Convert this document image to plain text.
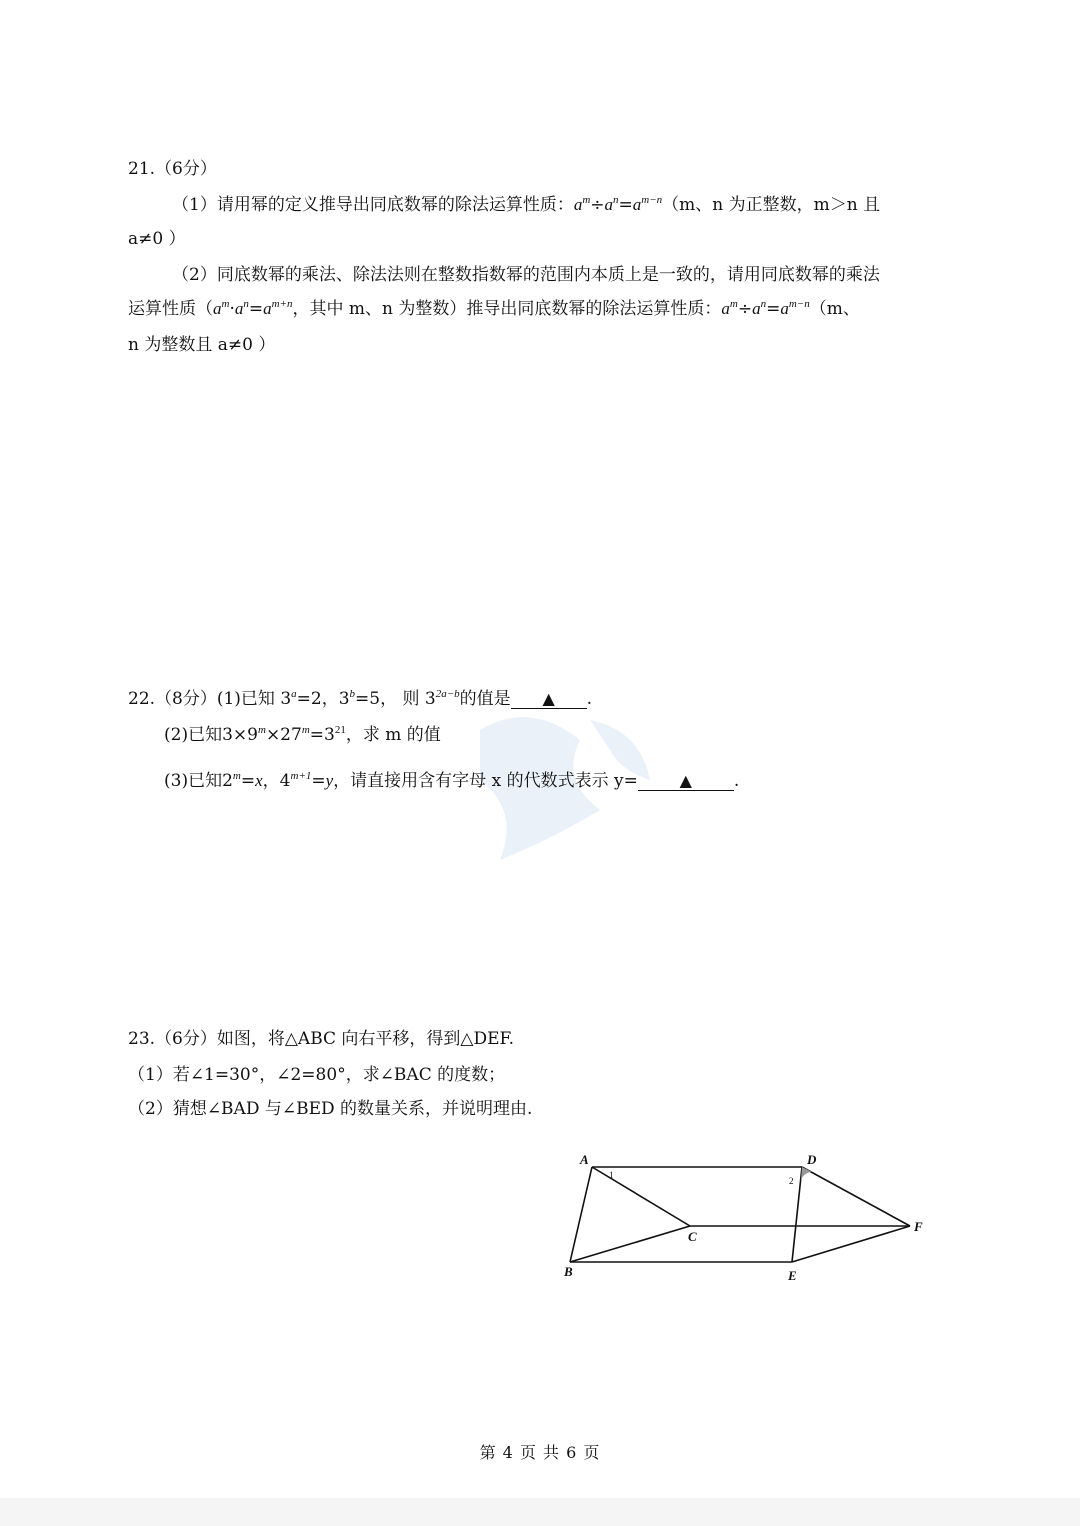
21.（6分）
（1）请用幂的定义推导出同底数幂的除法运算性质：$a^m\div a^n=a^{m-n}(m$、n 为正整数，m＞n 且
a≠0 ）
（2）同底数幂的乘法、除法法则在整数指数幂的范围内本质上是一致的，请用同底数幂的乘法
运算性质（$a^m\cdot a^n=a^{m+n}$，其中 m、n 为整数）推导出同底数幂的除法运算性质：$a^m\div a^n=a^{m-n}(m$、
n 为整数且 a≠0 ）
22.（8分）(1)已知 $3^a=2$，$3^b=5$， 则 $3^{2a-b}$的值是 ▲ .
(2)已知$3\times 9^m\times 27^m=3^{21}$，求 m 的值
(3)已知$2^m=x$，$4^{m+1}=y$，请直接用含有字母 x 的代数式表示 y=	▲ .
23.（6分）如图，将△ABC 向右平移，得到△DEF.
（1）若∠1=30°，∠2=80°，求∠BAC 的度数；
（2）猜想∠BAD 与∠BED 的数量关系，并说明理由.
A
B
C
D
E
F
1
2
第 4 页 共 6 页
